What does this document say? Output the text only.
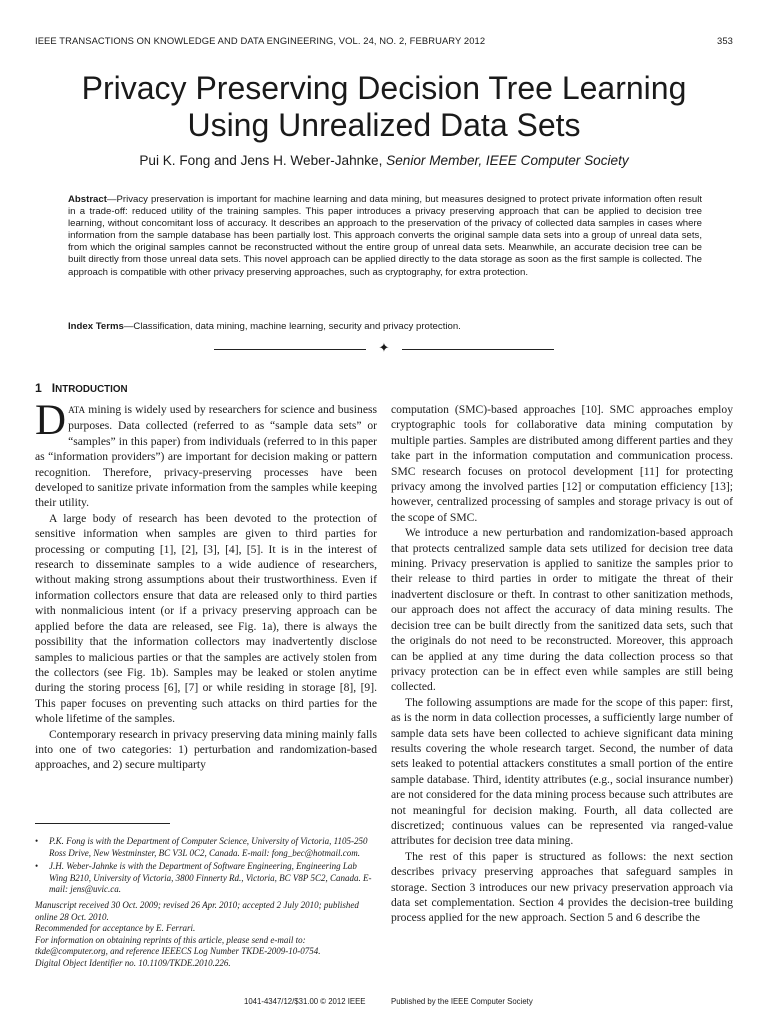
IEEE TRANSACTIONS ON KNOWLEDGE AND DATA ENGINEERING, VOL. 24, NO. 2, FEBRUARY 2012	353
Privacy Preserving Decision Tree Learning
Using Unrealized Data Sets
Pui K. Fong and Jens H. Weber-Jahnke, Senior Member, IEEE Computer Society

Abstract—Privacy preservation is important for machine learning and data mining, but measures designed to protect private information often result in a trade-off: reduced utility of the training samples. This paper introduces a privacy preserving approach that can be applied to decision tree learning, without concomitant loss of accuracy. It describes an approach to the preservation of the privacy of collected data samples in cases where information from the sample database has been partially lost. This approach converts the original sample data sets into a group of unreal data sets, from which the original samples cannot be reconstructed without the entire group of unreal data sets. Meanwhile, an accurate decision tree can be built directly from those unreal data sets. This novel approach can be applied directly to the data storage as soon as the first sample is collected. The approach is compatible with other privacy preserving approaches, such as cryptography, for extra protection.

Index Terms—Classification, data mining, machine learning, security and privacy protection.

✦
1 INTRODUCTION

DATA mining is widely used by researchers for science and business purposes. Data collected (referred to as “sample data sets” or “samples” in this paper) from individuals (referred to in this paper as “information providers”) are important for decision making or pattern recognition. Therefore, privacy-preserving processes have been developed to sanitize private information from the samples while keeping their utility.

A large body of research has been devoted to the protection of sensitive information when samples are given to third parties for processing or computing [1], [2], [3], [4], [5]. It is in the interest of research to disseminate samples to a wide audience of researchers, without making strong assumptions about their trustworthiness. Even if information collectors ensure that data are released only to third parties with nonmalicious intent (or if a privacy preserving approach can be applied before the data are released, see Fig. 1a), there is always the possibility that the information collectors may inadvertently disclose samples to malicious parties or that the samples are actively stolen from the collectors (see Fig. 1b). Samples may be leaked or stolen anytime during the storing process [6], [7] or while residing in storage [8], [9]. This paper focuses on preventing such attacks on third parties for the whole lifetime of the samples.

Contemporary research in privacy preserving data mining mainly falls into one of two categories: 1) perturbation and randomization-based approaches, and 2) secure multiparty

• P.K. Fong is with the Department of Computer Science, University of Victoria, 1105-250 Ross Drive, New Westminster, BC V3L 0C2, Canada. E-mail: fong_bec@hotmail.com.

• J.H. Weber-Jahnke is with the Department of Software Engineering, Engineering Lab Wing B210, University of Victoria, 3800 Finnerty Rd., Victoria, BC V8P 5C2, Canada. E-mail: jens@uvic.ca.

Manuscript received 30 Oct. 2009; revised 26 Apr. 2010; accepted 2 July 2010; published online 28 Oct. 2010.

Recommended for acceptance by E. Ferrari.

For information on obtaining reprints of this article, please send e-mail to: tkde@computer.org, and reference IEEECS Log Number TKDE-2009-10-0754.

Digital Object Identifier no. 10.1109/TKDE.2010.226.

computation (SMC)-based approaches [10]. SMC approaches employ cryptographic tools for collaborative data mining computation by multiple parties. Samples are distributed among different parties and they take part in the information computation and communication process. SMC research focuses on protocol development [11] for protecting privacy among the involved parties [12] or computation efficiency [13]; however, centralized processing of samples and storage privacy is out of the scope of SMC.

We introduce a new perturbation and randomization-based approach that protects centralized sample data sets utilized for decision tree data mining. Privacy preservation is applied to sanitize the samples prior to their release to third parties in order to mitigate the threat of their inadvertent disclosure or theft. In contrast to other sanitization methods, our approach does not affect the accuracy of data mining results. The decision tree can be built directly from the sanitized data sets, such that the originals do not need to be reconstructed. Moreover, this approach can be applied at any time during the data collection process so that privacy protection can be in effect even while samples are still being collected.

The following assumptions are made for the scope of this paper: first, as is the norm in data collection processes, a sufficiently large number of sample data sets have been collected to achieve significant data mining results covering the whole research target. Second, the number of data sets leaked to potential attackers constitutes a small portion of the entire sample database. Third, identity attributes (e.g., social insurance number) are not considered for the data mining process because such attributes are not meaningful for decision making. Fourth, all data collected are discretized; continuous values can be represented via ranged-value attributes for decision tree data mining.

The rest of this paper is structured as follows: the next section describes privacy preserving approaches that safeguard samples in storage. Section 3 introduces our new privacy preservation approach via data set complementation. Section 4 provides the decision-tree building process applied for the new approach. Section 5 and 6 describe the

1041-4347/12/$31.00 © 2012 IEEE	Published by the IEEE Computer Society
